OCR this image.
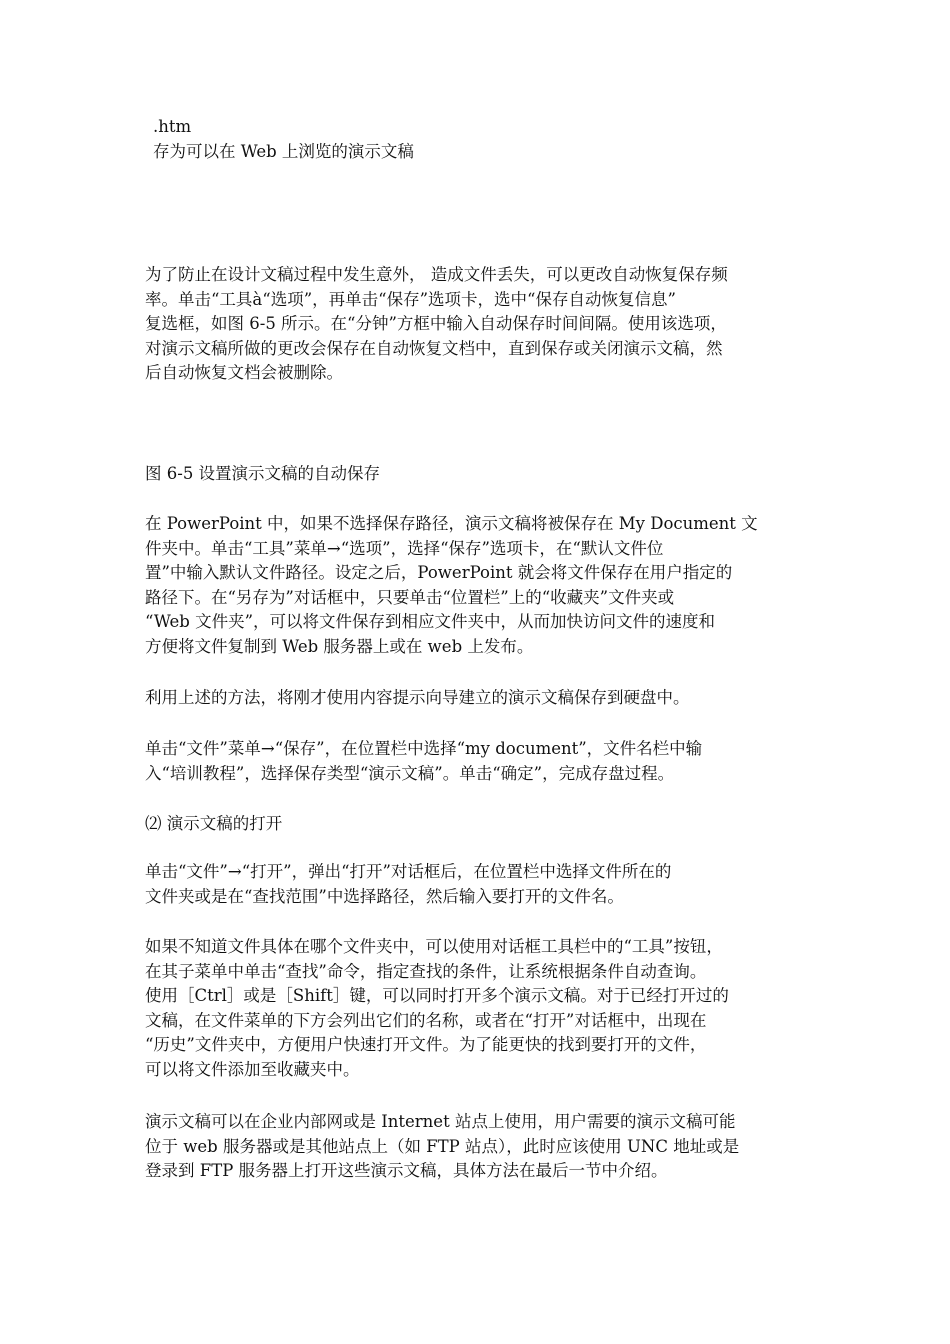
.htm

存为可以在 Web 上浏览的演示文稿

为了防止在设计文稿过程中发生意外， 造成文件丢失，可以更改自动恢复保存频
率。单击“工具à“选项”，再单击“保存”选项卡，选中“保存自动恢复信息”
复选框，如图 6-5 所示。在“分钟”方框中输入自动保存时间间隔。使用该选项，
对演示文稿所做的更改会保存在自动恢复文档中，直到保存或关闭演示文稿，然
后自动恢复文档会被删除。
图 6-5 设置演示文稿的自动保存
在 PowerPoint 中，如果不选择保存路径，演示文稿将被保存在 My Document 文
件夹中。单击“工具”菜单→“选项”，选择“保存”选项卡，在“默认文件位
置”中输入默认文件路径。设定之后，PowerPoint 就会将文件保存在用户指定的
路径下。在“另存为”对话框中，只要单击“位置栏”上的“收藏夹”文件夹或
“Web 文件夹”，可以将文件保存到相应文件夹中，从而加快访问文件的速度和
方便将文件复制到 Web 服务器上或在 web 上发布。
利用上述的方法，将刚才使用内容提示向导建立的演示文稿保存到硬盘中。
单击“文件”菜单→“保存”，在位置栏中选择“my document”，文件名栏中输
入“培训教程”，选择保存类型“演示文稿”。单击“确定”，完成存盘过程。
⑵ 演示文稿的打开
单击“文件”→“打开”，弹出“打开”对话框后，在位置栏中选择文件所在的
文件夹或是在“查找范围”中选择路径，然后输入要打开的文件名。
如果不知道文件具体在哪个文件夹中，可以使用对话框工具栏中的“工具”按钮，
在其子菜单中单击“查找”命令，指定查找的条件，让系统根据条件自动查询。
使用［Ctrl］或是［Shift］键，可以同时打开多个演示文稿。对于已经打开过的
文稿，在文件菜单的下方会列出它们的名称，或者在“打开”对话框中，出现在
“历史”文件夹中，方便用户快速打开文件。为了能更快的找到要打开的文件，
可以将文件添加至收藏夹中。
演示文稿可以在企业内部网或是 Internet 站点上使用，用户需要的演示文稿可能
位于 web 服务器或是其他站点上（如 FTP 站点），此时应该使用 UNC 地址或是
登录到 FTP 服务器上打开这些演示文稿，具体方法在最后一节中介绍。
